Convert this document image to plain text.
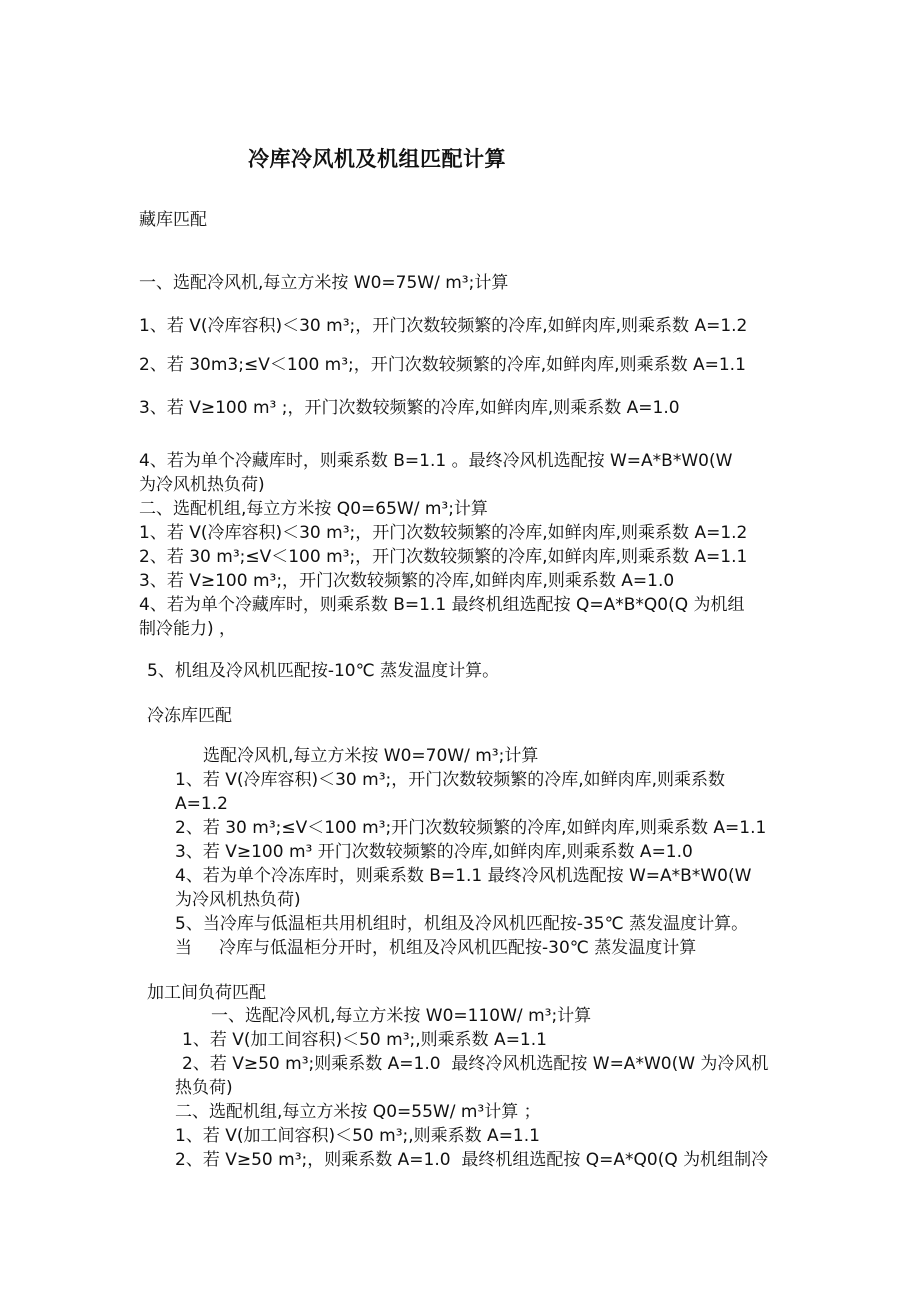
冷库冷风机及机组匹配计算
藏库匹配
一、选配冷风机,每立方米按 W0=75W/ m³;计算
1、若 V(冷库容积)＜30 m³;，开门次数较频繁的冷库,如鲜肉库,则乘系数 A=1.2
2、若 30m3;≤V＜100 m³;，开门次数较频繁的冷库,如鲜肉库,则乘系数 A=1.1
3、若 V≥100 m³ ;，开门次数较频繁的冷库,如鲜肉库,则乘系数 A=1.0
4、若为单个冷藏库时，则乘系数 B=1.1 。最终冷风机选配按 W=A*B*W0(W
为冷风机热负荷)
二、选配机组,每立方米按 Q0=65W/ m³;计算
1、若 V(冷库容积)＜30 m³;，开门次数较频繁的冷库,如鲜肉库,则乘系数 A=1.2
2、若 30 m³;≤V＜100 m³;，开门次数较频繁的冷库,如鲜肉库,则乘系数 A=1.1
3、若 V≥100 m³;，开门次数较频繁的冷库,如鲜肉库,则乘系数 A=1.0
4、若为单个冷藏库时，则乘系数 B=1.1 最终机组选配按 Q=A*B*Q0(Q 为机组
制冷能力) ，
5、机组及冷风机匹配按-10℃ 蒸发温度计算。
冷冻库匹配
选配冷风机,每立方米按 W0=70W/ m³;计算
1、若 V(冷库容积)＜30 m³;，开门次数较频繁的冷库,如鲜肉库,则乘系数
A=1.2
2、若 30 m³;≤V＜100 m³;开门次数较频繁的冷库,如鲜肉库,则乘系数 A=1.1
3、若 V≥100 m³ 开门次数较频繁的冷库,如鲜肉库,则乘系数 A=1.0
4、若为单个冷冻库时，则乘系数 B=1.1 最终冷风机选配按 W=A*B*W0(W
为冷风机热负荷)
5、当冷库与低温柜共用机组时，机组及冷风机匹配按-35℃ 蒸发温度计算。
当     冷库与低温柜分开时，机组及冷风机匹配按-30℃ 蒸发温度计算
加工间负荷匹配
一、选配冷风机,每立方米按 W0=110W/ m³;计算
1、若 V(加工间容积)＜50 m³;,则乘系数 A=1.1
2、若 V≥50 m³;则乘系数 A=1.0  最终冷风机选配按 W=A*W0(W 为冷风机
热负荷)
二、选配机组,每立方米按 Q0=55W/ m³计算 ；
1、若 V(加工间容积)＜50 m³;,则乘系数 A=1.1
2、若 V≥50 m³;，则乘系数 A=1.0  最终机组选配按 Q=A*Q0(Q 为机组制冷
